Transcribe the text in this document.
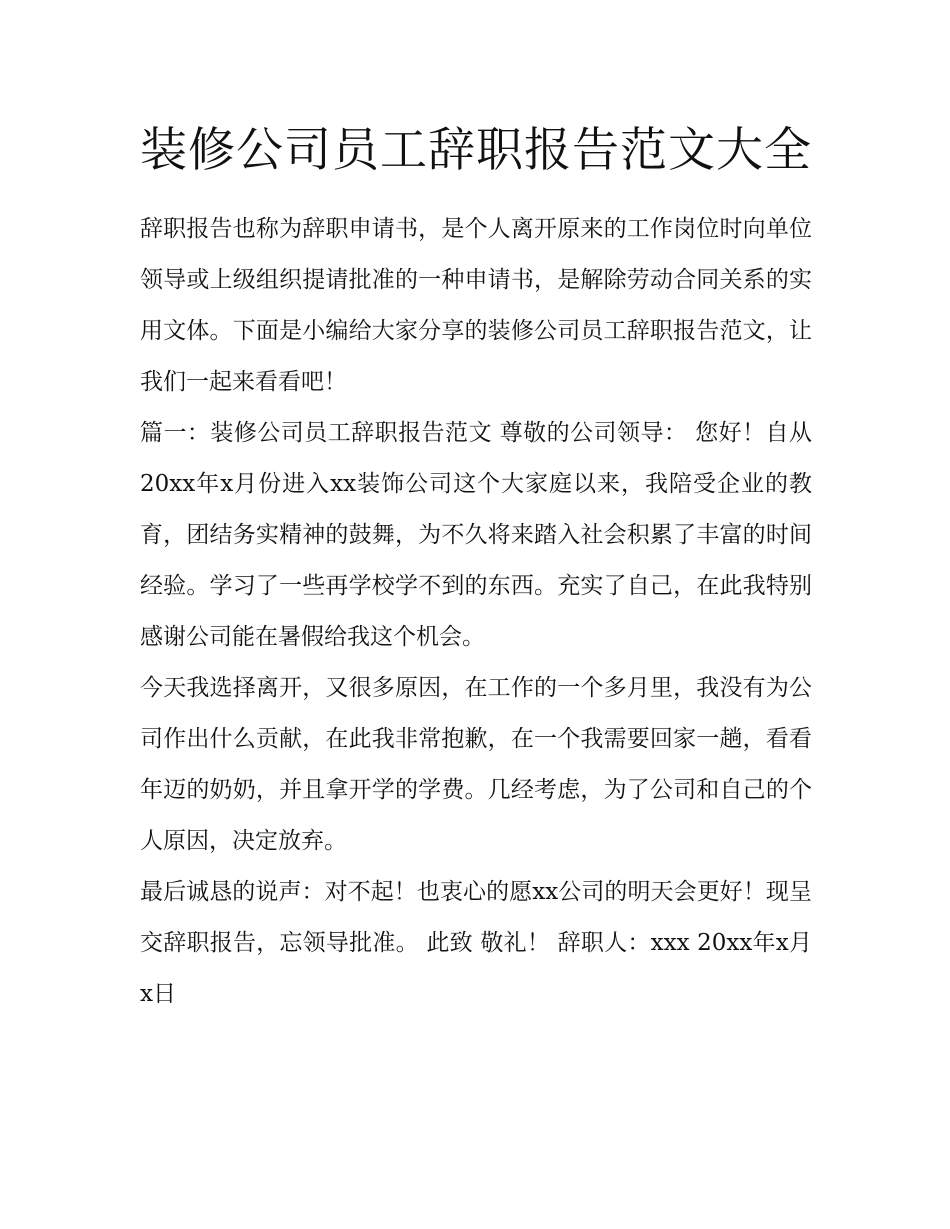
装修公司员工辞职报告范文大全

辞职报告也称为辞职申请书，是个人离开原来的工作岗位时向单位领导或上级组织提请批准的一种申请书，是解除劳动合同关系的实用文体。下面是小编给大家分享的装修公司员工辞职报告范文，让我们一起来看看吧！

篇一：装修公司员工辞职报告范文 尊敬的公司领导： 您好！自从20xx年x月份进入xx装饰公司这个大家庭以来，我陪受企业的教育，团结务实精神的鼓舞，为不久将来踏入社会积累了丰富的时间经验。学习了一些再学校学不到的东西。充实了自己，在此我特别感谢公司能在暑假给我这个机会。

今天我选择离开，又很多原因，在工作的一个多月里，我没有为公司作出什么贡献，在此我非常抱歉，在一个我需要回家一趟，看看年迈的奶奶，并且拿开学的学费。几经考虑，为了公司和自己的个人原因，决定放弃。

最后诚恳的说声：对不起！也衷心的愿xx公司的明天会更好！现呈交辞职报告，忘领导批准。 此致 敬礼！ 辞职人：xxx 20xx年x月x日
